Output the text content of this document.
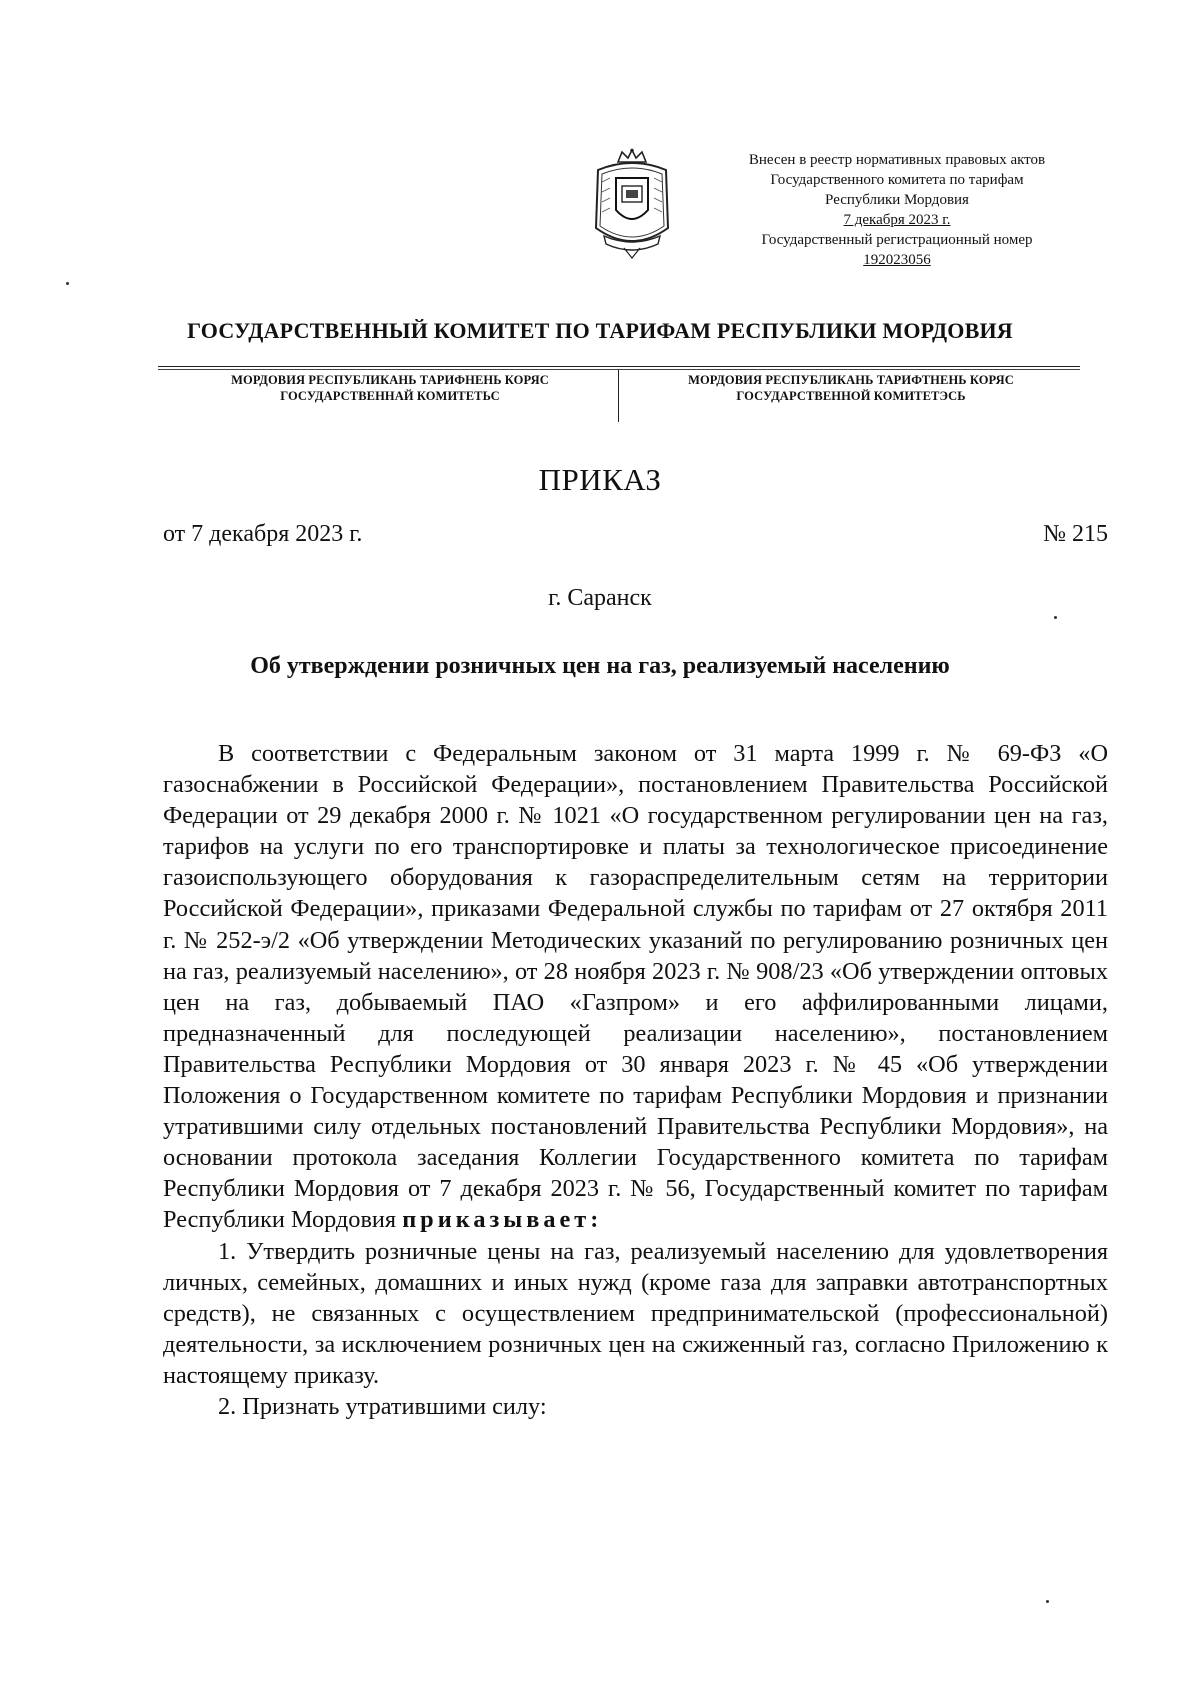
Внесен в реестр нормативных правовых актов
Государственного комитета по тарифам
Республики Мордовия
7 декабря 2023 г.
Государственный регистрационный номер
192023056
ГОСУДАРСТВЕННЫЙ КОМИТЕТ ПО ТАРИФАМ РЕСПУБЛИКИ МОРДОВИЯ
МОРДОВИЯ РЕСПУБЛИКАНЬ ТАРИФНЕНЬ КОРЯС
ГОСУДАРСТВЕННАЙ КОМИТЕТЬС
МОРДОВИЯ РЕСПУБЛИКАНЬ ТАРИФТНЕНЬ КОРЯС
ГОСУДАРСТВЕННОЙ КОМИТЕТЭСЬ
ПРИКАЗ
от 7 декабря 2023 г.	№ 215
г. Саранск
Об утверждении розничных цен на газ, реализуемый населению

В соответствии с Федеральным законом от 31 марта 1999 г. № 69-ФЗ «О газоснабжении в Российской Федерации», постановлением Правительства Российской Федерации от 29 декабря 2000 г. № 1021 «О государственном регулировании цен на газ, тарифов на услуги по его транспортировке и платы за технологическое присоединение газоиспользующего оборудования к газораспределительным сетям на территории Российской Федерации», приказами Федеральной службы по тарифам от 27 октября 2011 г. № 252-э/2 «Об утверждении Методических указаний по регулированию розничных цен на газ, реализуемый населению», от 28 ноября 2023 г. № 908/23 «Об утверждении оптовых цен на газ, добываемый ПАО «Газпром» и его аффилированными лицами, предназначенный для последующей реализации населению», постановлением Правительства Республики Мордовия от 30 января 2023 г. № 45 «Об утверждении Положения о Государственном комитете по тарифам Республики Мордовия и признании утратившими силу отдельных постановлений Правительства Республики Мордовия», на основании протокола заседания Коллегии Государственного комитета по тарифам Республики Мордовия от 7 декабря 2023 г. № 56, Государственный комитет по тарифам Республики Мордовия приказывает:

1. Утвердить розничные цены на газ, реализуемый населению для удовлетворения личных, семейных, домашних и иных нужд (кроме газа для заправки автотранспортных средств), не связанных с осуществлением предпринимательской (профессиональной) деятельности, за исключением розничных цен на сжиженный газ, согласно Приложению к настоящему приказу.

2. Признать утратившими силу:
